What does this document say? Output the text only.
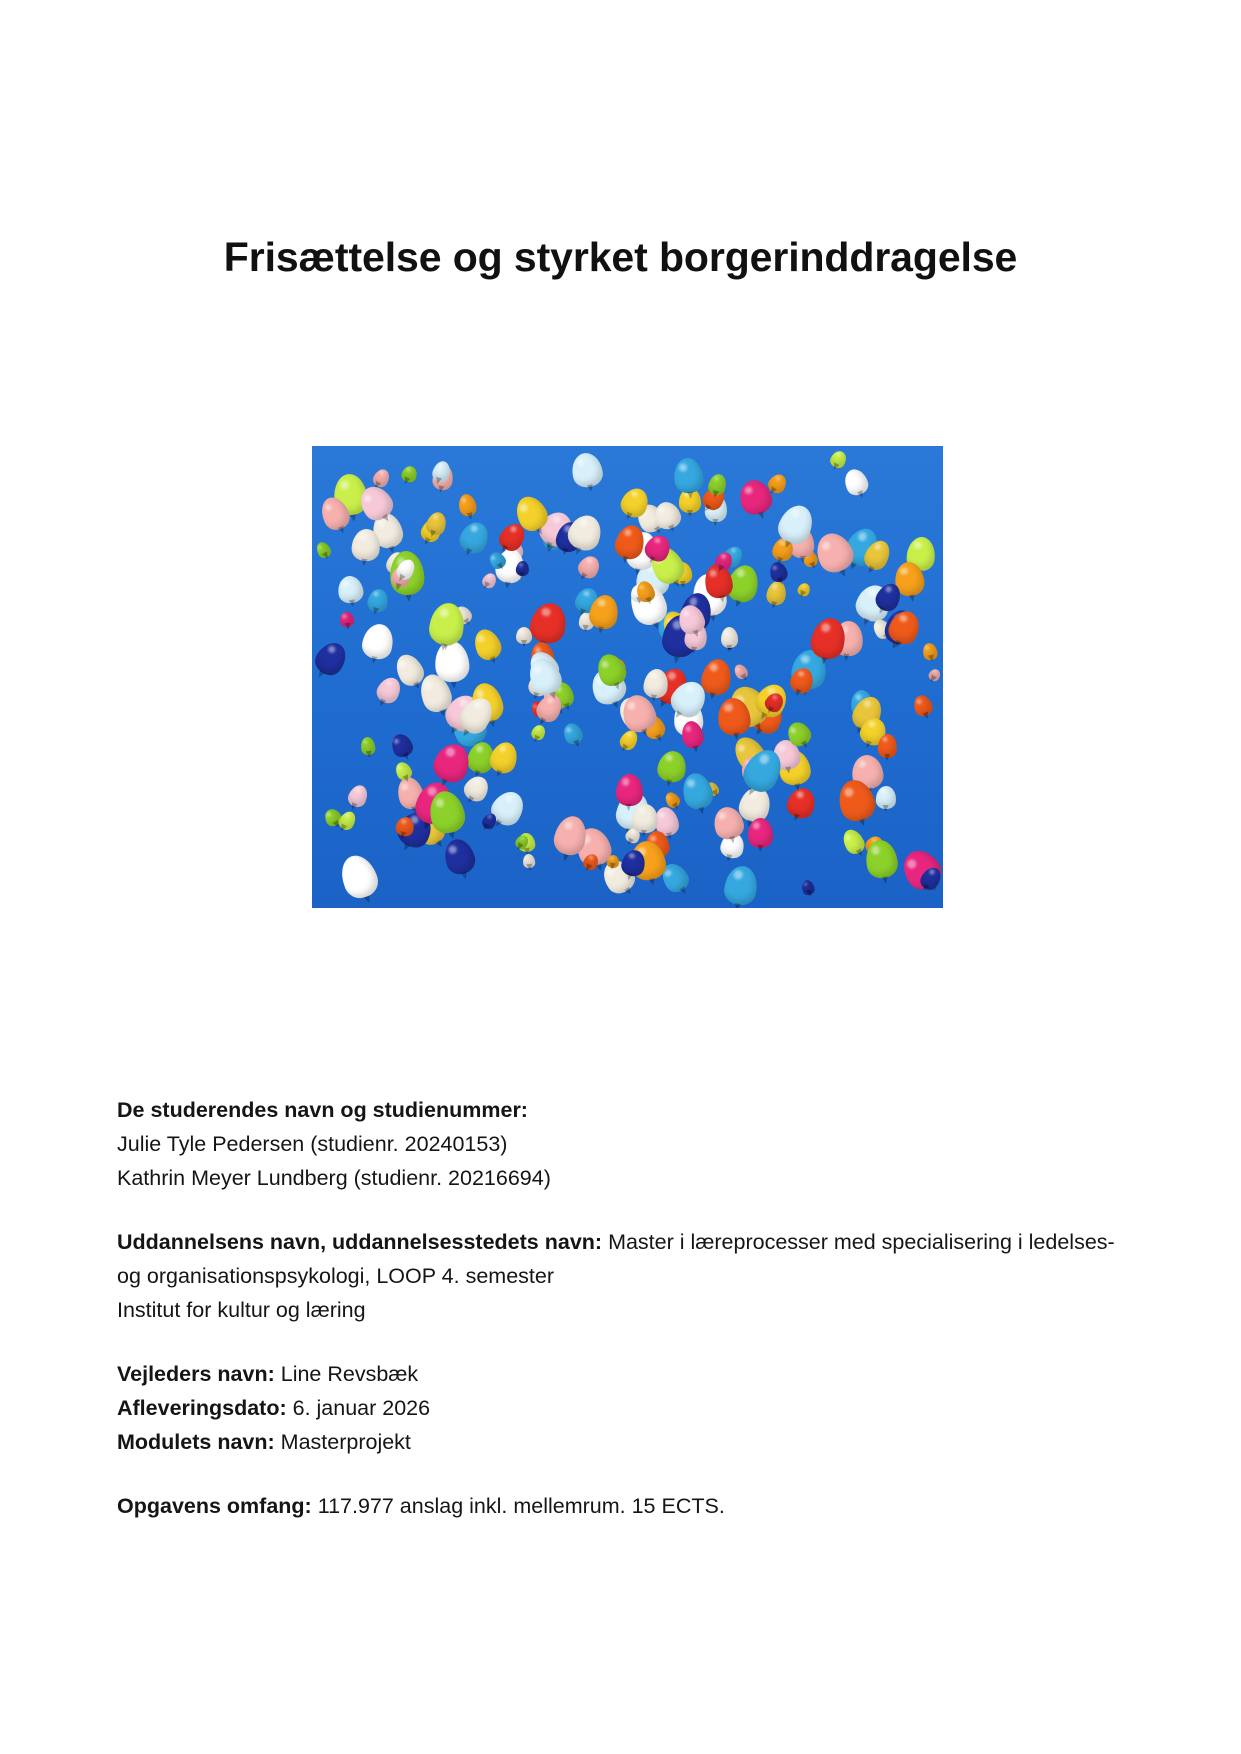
Frisættelse og styrket borgerinddragelse
De studerendes navn og studienummer:
Julie Tyle Pedersen (studienr. 20240153)
Kathrin Meyer Lundberg (studienr. 20216694)
Uddannelsens navn, uddannelsesstedets navn: Master i læreprocesser med specialisering i ledelses- og organisationspsykologi, LOOP 4. semester
Institut for kultur og læring
Vejleders navn: Line Revsbæk
Afleveringsdato: 6. januar 2026
Modulets navn: Masterprojekt
Opgavens omfang: 117.977 anslag inkl. mellemrum. 15 ECTS.
